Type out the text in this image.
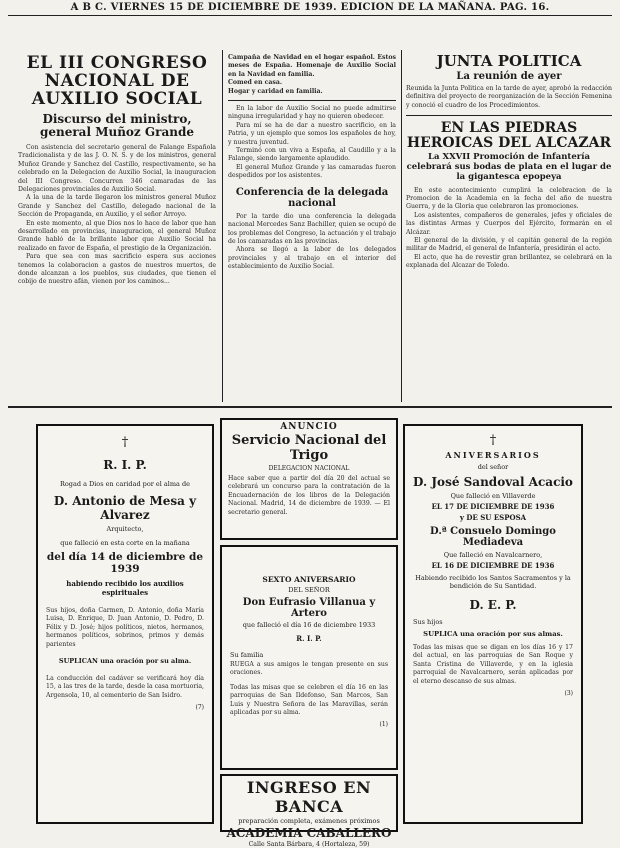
A B C. VIERNES 15 DE DICIEMBRE DE 1939. EDICION DE LA MAÑANA. PAG. 16.
EL III CONGRESO NACIONAL DE AUXILIO SOCIAL
Discurso del ministro, general Muñoz Grande

Con asistencia del secretario general de Falange Española Tradicionalista y de las J. O. N. S. y de los ministros, general Muñoz Grande y Sanchez del Castillo, respectivamente, se ha celebrado en la Delegacion de Auxilio Social, la inauguracion del III Congreso. Concurren 346 camaradas de las Delegaciones provinciales de Auxilio Social.

A la una de la tarde llegaron los ministros general Muñoz Grande y Sanchez del Castillo, delegado nacional de la Sección de Propaganda, en Auxilio, y el señor Arroyo.

En este momento, al que Dios nos lo hace de labor que han desarrollado en provincias, inauguracion, el general Muñoz Grande habló de la brillante labor que Auxilio Social ha realizado en favor de España, el prestigio de la Organización.

Para que sea con mas sacrificio espera sus acciones tenemos la colaboracion a gastos de nuestros muertos, de donde alcanzan a los pueblos, sus ciudades, que tienen el cobijo de nuestro afán, vienen por los caminos...

Campaña de Navidad en el hogar español. Estos meses de España. Homenaje de Auxilio Social en la Navidad en familia.
Comed en casa.
Hogar y caridad en familia.

En la labor de Auxilio Social no puede admitirse ninguna irregularidad y hay no quieren obedecer.

Para mí se ha de dar a nuestro sacrificio, en la Patria, y un ejemplo que somos los españoles de hoy, y nuestra juventud.

Terminó con un viva a España, al Caudillo y a la Falange, siendo largamente aplaudido.

El general Muñoz Grande y las camaradas fueron despedidos por los asistentes.

Conferencia de la delegada nacional

Por la tarde dio una conferencia la delegada nacional Mercedes Sanz Bachiller, quien se ocupó de los problemas del Congreso, la actuación y el trabajo de los camaradas en las provincias.

Ahora se llegó a la labor de los delegados provinciales y al trabajo en el interior del establecimiento de Auxilio Social.

JUNTA POLITICA
La reunión de ayer
Reunida la Junta Politica en la tarde de ayer, aprobó la redacción definitiva del proyecto de reorganización de la Sección Femenina y conoció el cuadro de los Procedimientos.
EN LAS PIEDRAS HEROICAS DEL ALCAZAR
La XXVII Promoción de Infantería celebrará sus bodas de plata en el lugar de la gigantesca epopeya

En este acontecimiento cumplirá la celebracion de la Promocion de la Academia en la fecha del año de nuestra Guerra, y de la Gloria que celebraron las promociones.

Los asistentes, compañeros de generales, jefes y oficiales de las distintas Armas y Cuerpos del Ejército, formarán en el Alcázar.

El general de la división, y el capitán general de la región militar de Madrid, el general de Infantería, presidirán el acto.

El acto, que ha de revestir gran brillantez, se celebrará en la explanada del Alcazar de Toledo.

†
R. I. P.
Rogad a Dios en caridad por el alma de
D. Antonio de Mesa y Alvarez
Arquitecto,
que falleció en esta corte en la mañana
del día 14 de diciembre de 1939
habiendo recibido los auxilios espirituales
Sus hijos, doña Carmen, D. Antonio, doña María Luisa, D. Enrique, D. Juan Antonio, D. Pedro, D. Félix y D. José; hijos políticos, nietos, hermanos, hermanos políticos, sobrinos, primos y demás parientes
SUPLICAN una oración por su alma.
La conducción del cadáver se verificará hoy día 15, a las tres de la tarde, desde la casa mortuoria, Argensola, 10, al cementerio de San Isidro.
(7)
ANUNCIO
Servicio Nacional del Trigo
DELEGACION NACIONAL
Hace saber que a partir del día 20 del actual se celebrará un concurso para la contratación de la Encuadernación de los libros de la Delegación Nacional. Madrid, 14 de diciembre de 1939. — El secretario general.
SEXTO ANIVERSARIO
DEL SEÑOR
Don Eufrasio Villanua y Artero
que falleció el día 16 de diciembre 1933
R. I. P.
Su familia
RUEGA a sus amigos le tengan presente en sus oraciones.
Todas las misas que se celebren el día 16 en las parroquias de San Ildefonso, San Marcos, San Luis y Nuestra Señora de las Maravillas, serán aplicadas por su alma.
(1)
INGRESO EN BANCA
preparación completa, exámenes próximos
ACADEMIA CABALLERO
Calle Santa Bárbara, 4 (Hortaleza, 59)
†
ANIVERSARIOS
del señor
D. José Sandoval Acacio
Que falleció en Villaverde
EL 17 DE DICIEMBRE DE 1936
y DE SU ESPOSA
D.ª Consuelo Domingo Mediadeva
Que falleció en Navalcarnero,
EL 16 DE DICIEMBRE DE 1936
Habiendo recibido los Santos Sacramentos y la bendición de Su Santidad.
D. E. P.
Sus hijos
SUPLICA una oración por sus almas.
Todas las misas que se digan en los días 16 y 17 del actual, en las parroquias de San Roque y Santa Cristina de Villaverde, y en la iglesia parroquial de Navalcarnero, serán aplicadas por el eterno descanso de sus almas.
(3)
